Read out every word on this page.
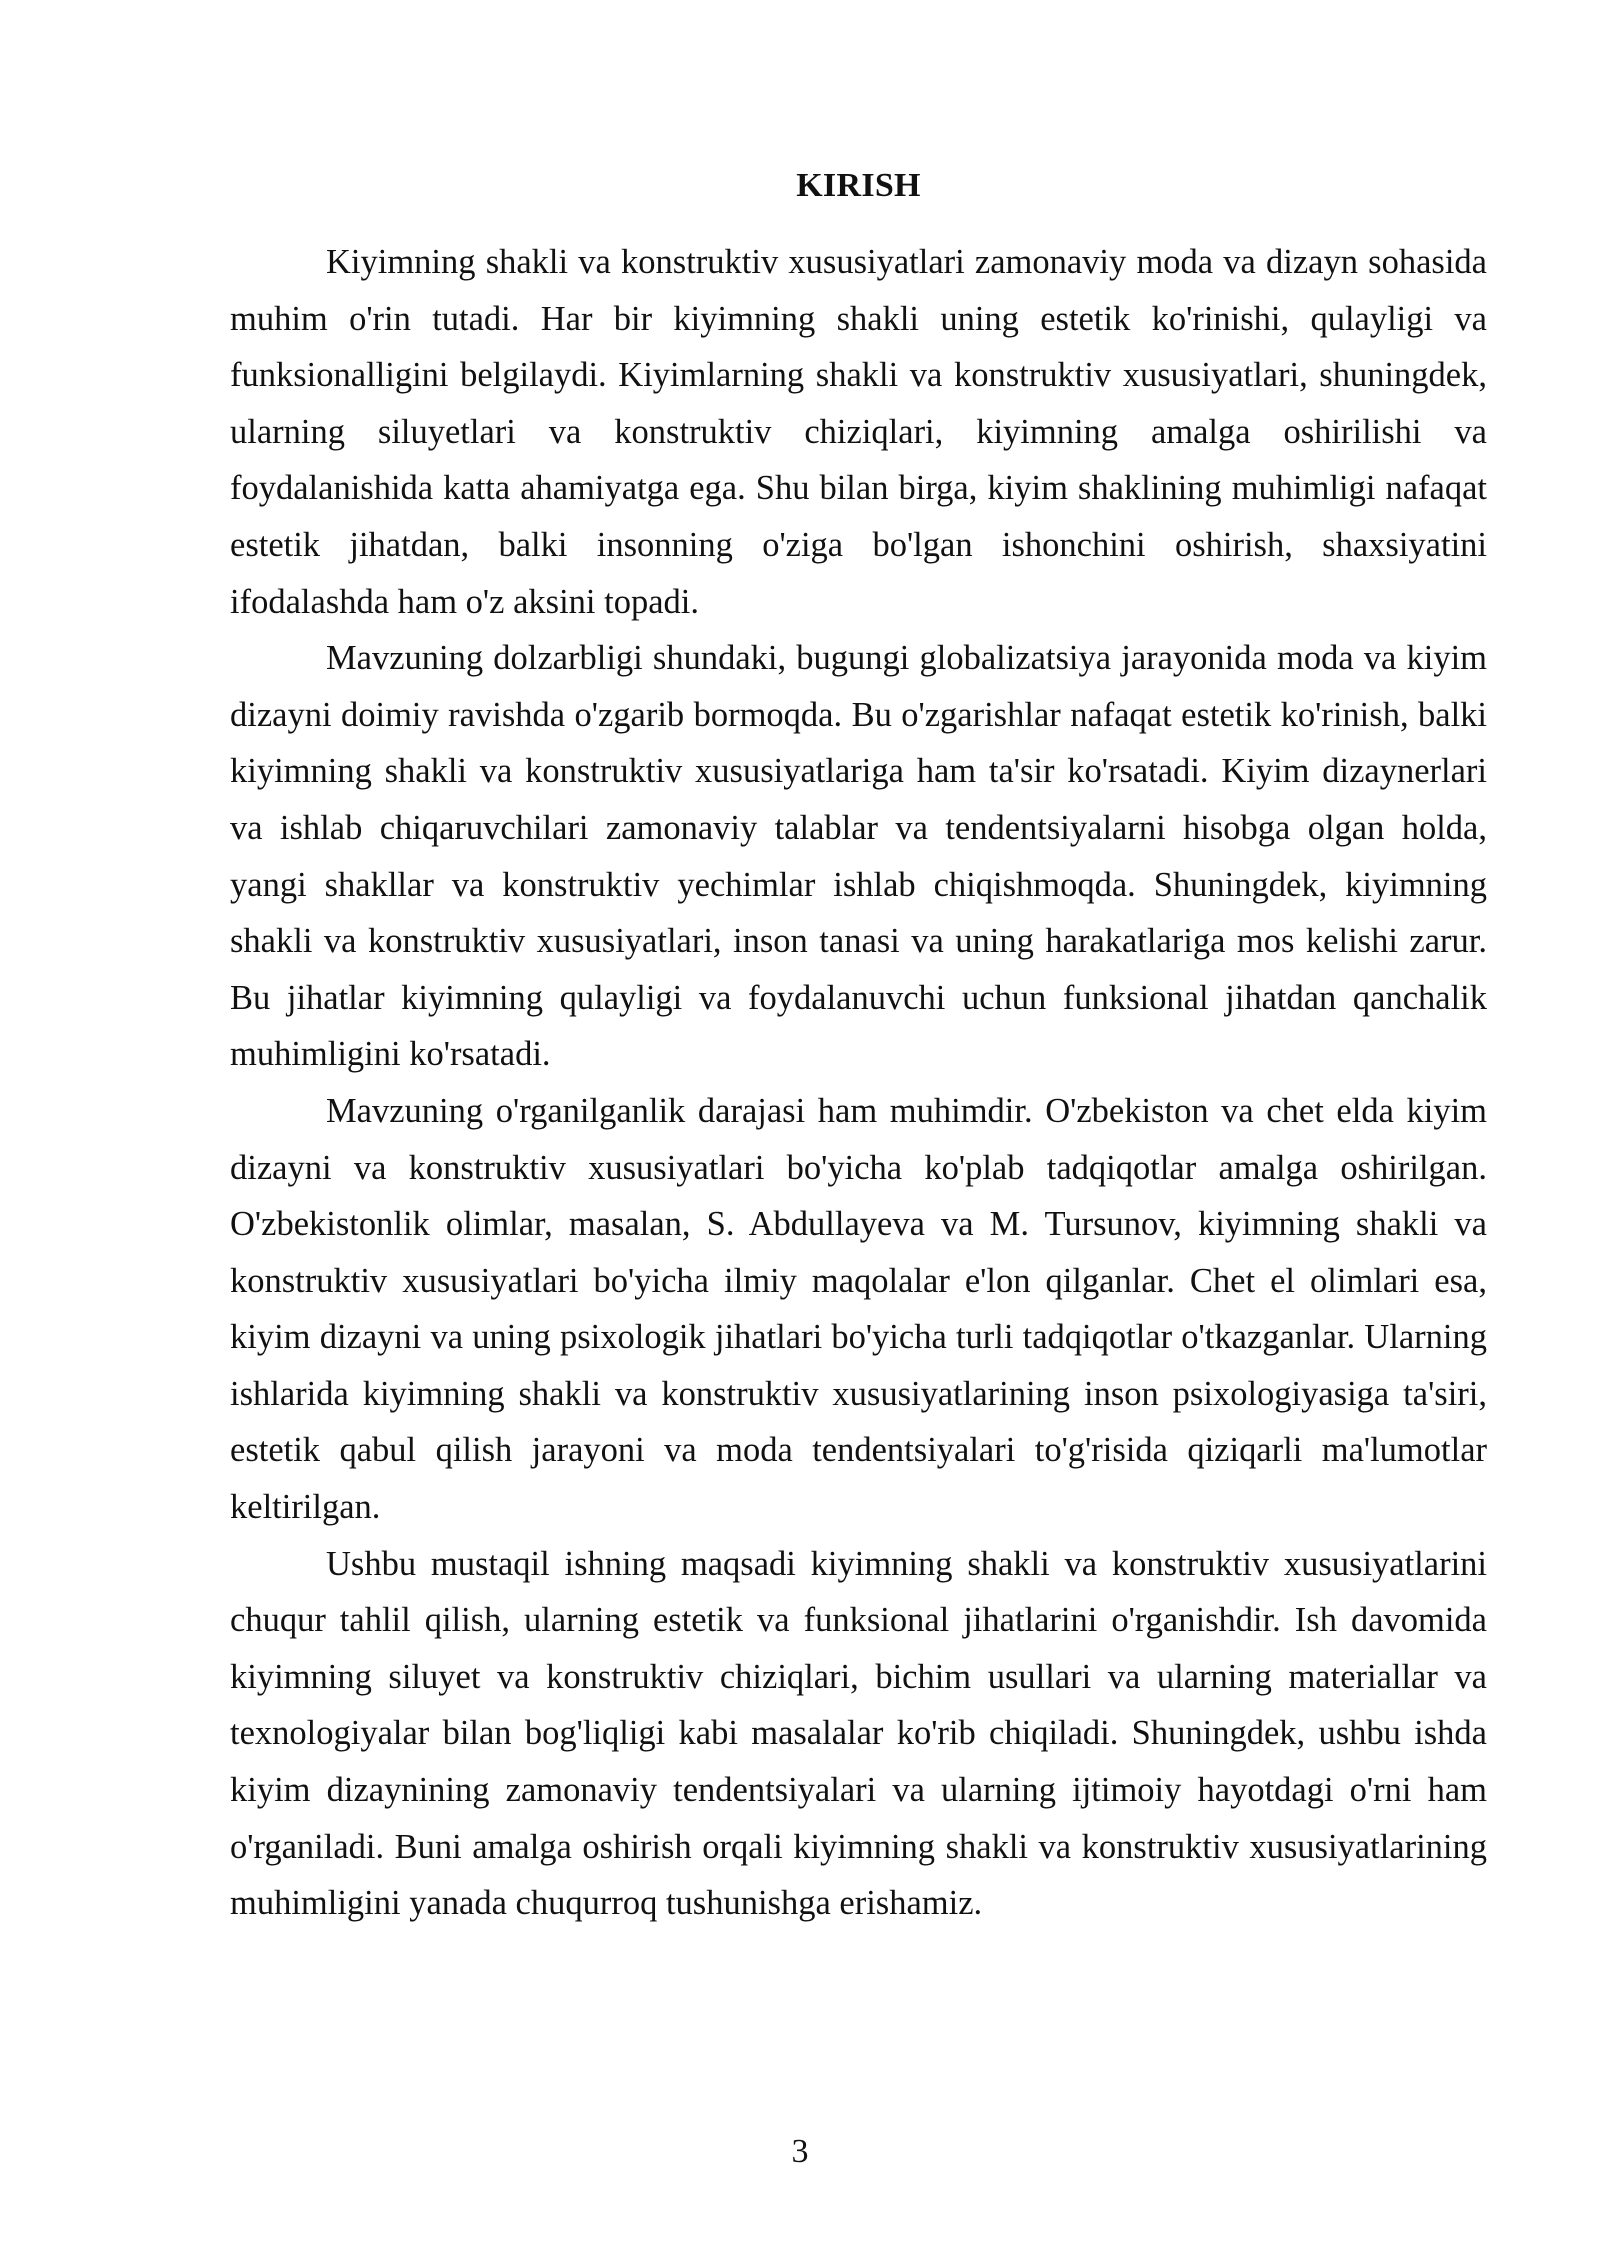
KIRISH

Kiyimning shakli va konstruktiv xususiyatlari zamonaviy moda va dizayn sohasida muhim o'rin tutadi. Har bir kiyimning shakli uning estetik ko'rinishi, qulayligi va funksionalligini belgilaydi. Kiyimlarning shakli va konstruktiv xususiyatlari, shuningdek, ularning siluyetlari va konstruktiv chiziqlari, kiyimning amalga oshirilishi va foydalanishida katta ahamiyatga ega. Shu bilan birga, kiyim shaklining muhimligi nafaqat estetik jihatdan, balki insonning o'ziga bo'lgan ishonchini oshirish, shaxsiyatini ifodalashda ham o'z aksini topadi.

Mavzuning dolzarbligi shundaki, bugungi globalizatsiya jarayonida moda va kiyim dizayni doimiy ravishda o'zgarib bormoqda. Bu o'zgarishlar nafaqat estetik ko'rinish, balki kiyimning shakli va konstruktiv xususiyatlariga ham ta'sir ko'rsatadi. Kiyim dizaynerlari va ishlab chiqaruvchilari zamonaviy talablar va tendentsiyalarni hisobga olgan holda, yangi shakllar va konstruktiv yechimlar ishlab chiqishmoqda. Shuningdek, kiyimning shakli va konstruktiv xususiyatlari, inson tanasi va uning harakatlariga mos kelishi zarur. Bu jihatlar kiyimning qulayligi va foydalanuvchi uchun funksional jihatdan qanchalik muhimligini ko'rsatadi.

Mavzuning o'rganilganlik darajasi ham muhimdir. O'zbekiston va chet elda kiyim dizayni va konstruktiv xususiyatlari bo'yicha ko'plab tadqiqotlar amalga oshirilgan. O'zbekistonlik olimlar, masalan, S. Abdullayeva va M. Tursunov, kiyimning shakli va konstruktiv xususiyatlari bo'yicha ilmiy maqolalar e'lon qilganlar. Chet el olimlari esa, kiyim dizayni va uning psixologik jihatlari bo'yicha turli tadqiqotlar o'tkazganlar. Ularning ishlarida kiyimning shakli va konstruktiv xususiyatlarining inson psixologiyasiga ta'siri, estetik qabul qilish jarayoni va moda tendentsiyalari to'g'risida qiziqarli ma'lumotlar keltirilgan.

Ushbu mustaqil ishning maqsadi kiyimning shakli va konstruktiv xususiyatlarini chuqur tahlil qilish, ularning estetik va funksional jihatlarini o'rganishdir. Ish davomida kiyimning siluyet va konstruktiv chiziqlari, bichim usullari va ularning materiallar va texnologiyalar bilan bog'liqligi kabi masalalar ko'rib chiqiladi. Shuningdek, ushbu ishda kiyim dizaynining zamonaviy tendentsiyalari va ularning ijtimoiy hayotdagi o'rni ham o'rganiladi. Buni amalga oshirish orqali kiyimning shakli va konstruktiv xususiyatlarining muhimligini yanada chuqurroq tushunishga erishamiz.

3
